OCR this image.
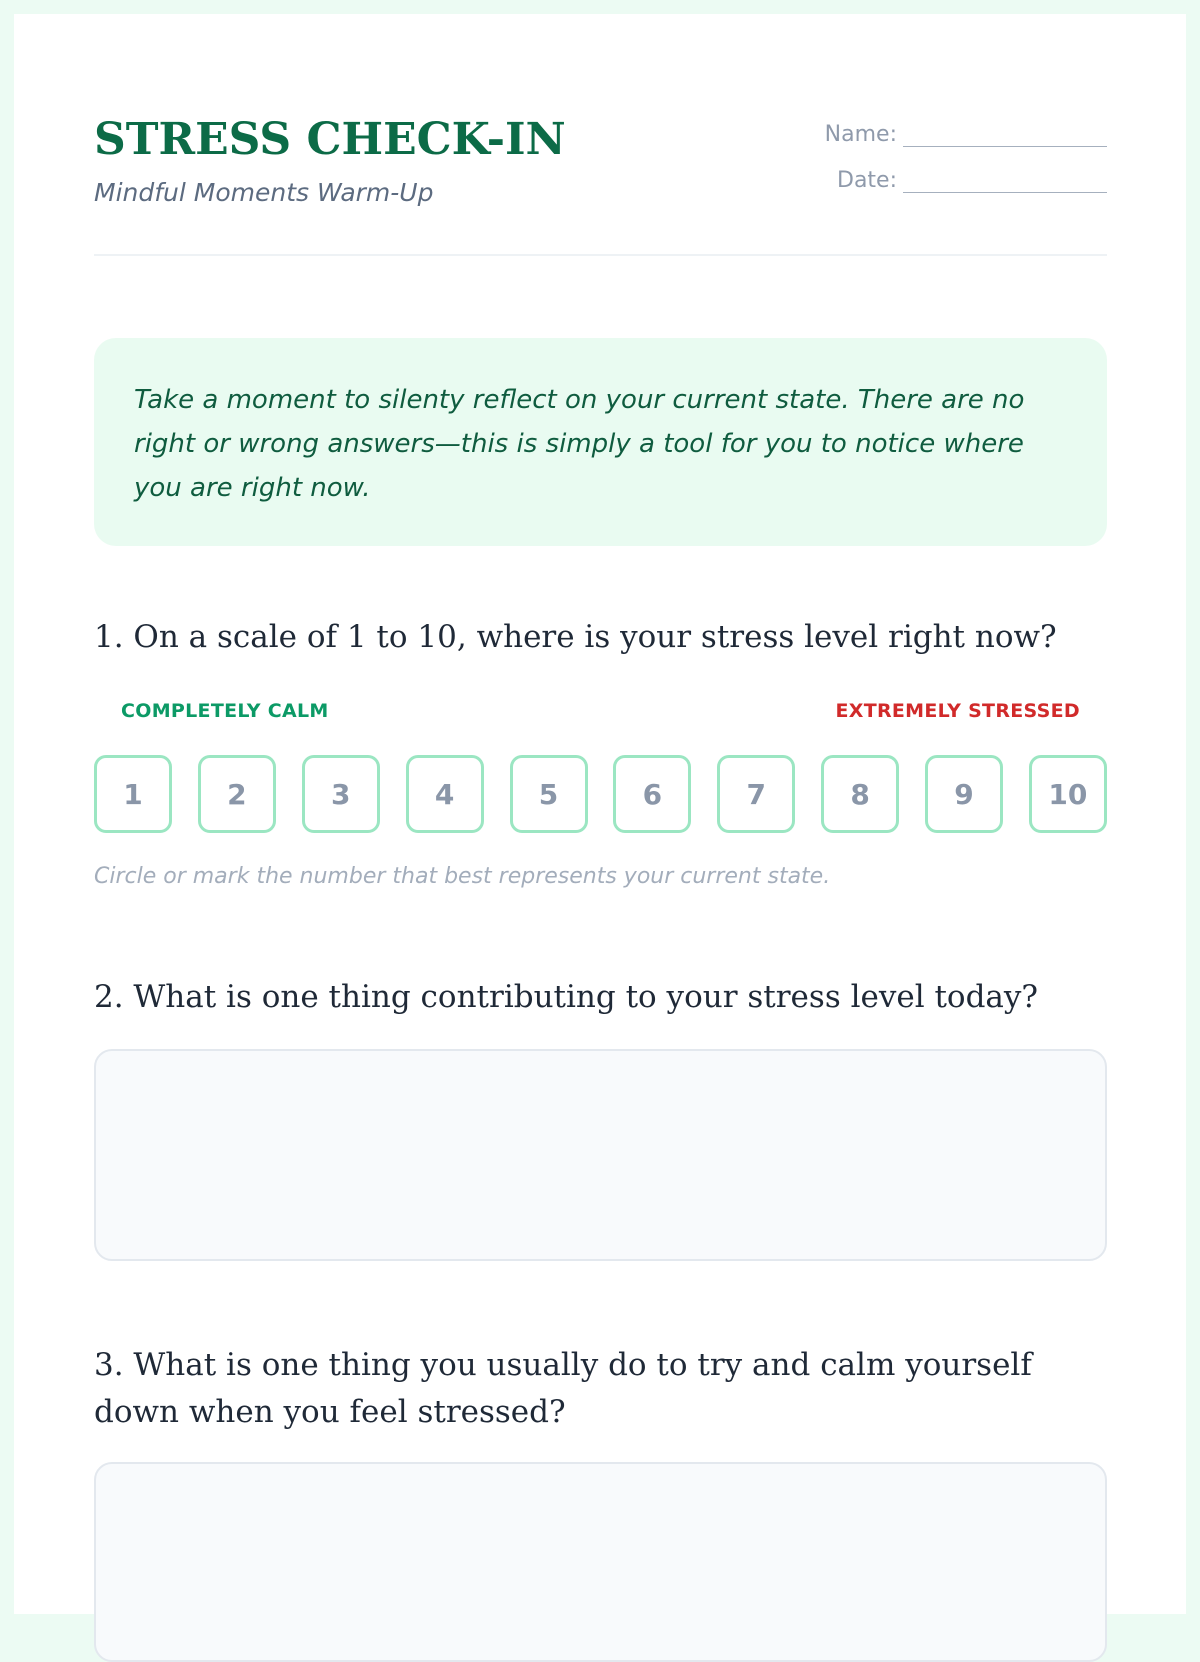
STRESS CHECK-IN
Mindful Moments Warm-Up
Name:
Date:

Take a moment to silenty reflect on your current state. There are no right or wrong answers—this is simply a tool for you to notice where you are right now.

1. On a scale of 1 to 10, where is your stress level right now?
COMPLETELY CALM	EXTREMELY STRESSED
1	2	3	4	5	6	7	8	9	10
Circle or mark the number that best represents your current state.
2. What is one thing contributing to your stress level today?
3. What is one thing you usually do to try and calm yourself down when you feel stressed?
